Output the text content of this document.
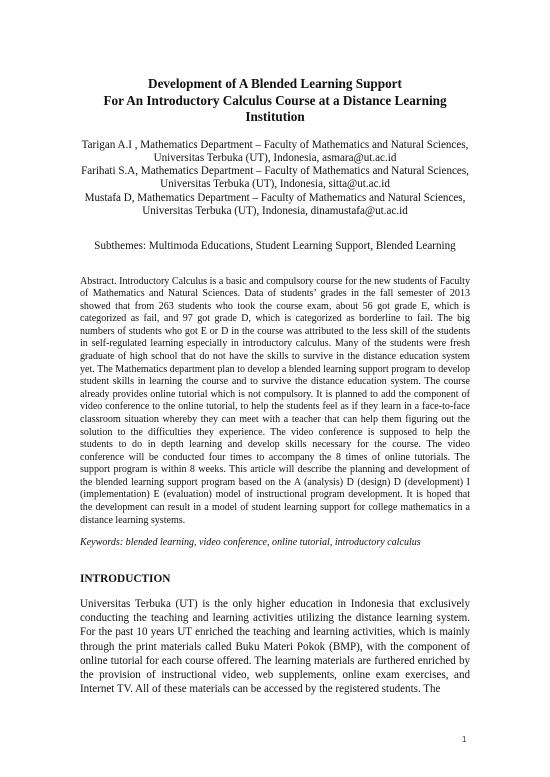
Development of A Blended Learning Support
For An Introductory Calculus Course at a Distance Learning
Institution
Tarigan A.I , Mathematics Department – Faculty of Mathematics and Natural Sciences,
Universitas Terbuka (UT), Indonesia, asmara@ut.ac.id
Farihati S.A, Mathematics Department – Faculty of Mathematics and Natural Sciences,
Universitas Terbuka (UT), Indonesia, sitta@ut.ac.id
Mustafa D, Mathematics Department – Faculty of Mathematics and Natural Sciences,
Universitas Terbuka (UT), Indonesia, dinamustafa@ut.ac.id
Subthemes: Multimoda Educations, Student Learning Support, Blended Learning

Abstract. Introductory Calculus is a basic and compulsory course for the new students of Faculty of Mathematics and Natural Sciences. Data of students’ grades in the fall semester of 2013 showed that from 263 students who took the course exam, about 56 got grade E, which is categorized as fail, and 97 got grade D, which is categorized as borderline to fail. The big numbers of students who got E or D in the course was attributed to the less skill of the students in self-regulated learning especially in introductory calculus. Many of the students were fresh graduate of high school that do not have the skills to survive in the distance education system yet. The Mathematics department plan to develop a blended learning support program to develop student skills in learning the course and to survive the distance education system. The course already provides online tutorial which is not compulsory. It is planned to add the component of video conference to the online tutorial, to help the students feel as if they learn in a face-to-face classroom situation whereby they can meet with a teacher that can help them figuring out the solution to the difficulties they experience. The video conference is supposed to help the students to do in depth learning and develop skills necessary for the course. The video conference will be conducted four times to accompany the 8 times of online tutorials. The support program is within 8 weeks. This article will describe the planning and development of the blended learning support program based on the A (analysis) D (design) D (development) I (implementation) E (evaluation) model of instructional program development. It is hoped that the development can result in a model of student learning support for college mathematics in a distance learning systems.

Keywords: blended learning, video conference, online tutorial, introductory calculus
INTRODUCTION

Universitas Terbuka (UT) is the only higher education in Indonesia that exclusively conducting the teaching and learning activities utilizing the distance learning system. For the past 10 years UT enriched the teaching and learning activities, which is mainly through the print materials called Buku Materi Pokok (BMP), with the component of online tutorial for each course offered. The learning materials are furthered enriched by the provision of instructional video, web supplements, online exam exercises, and Internet TV. All of these materials can be accessed by the registered students. The

1
